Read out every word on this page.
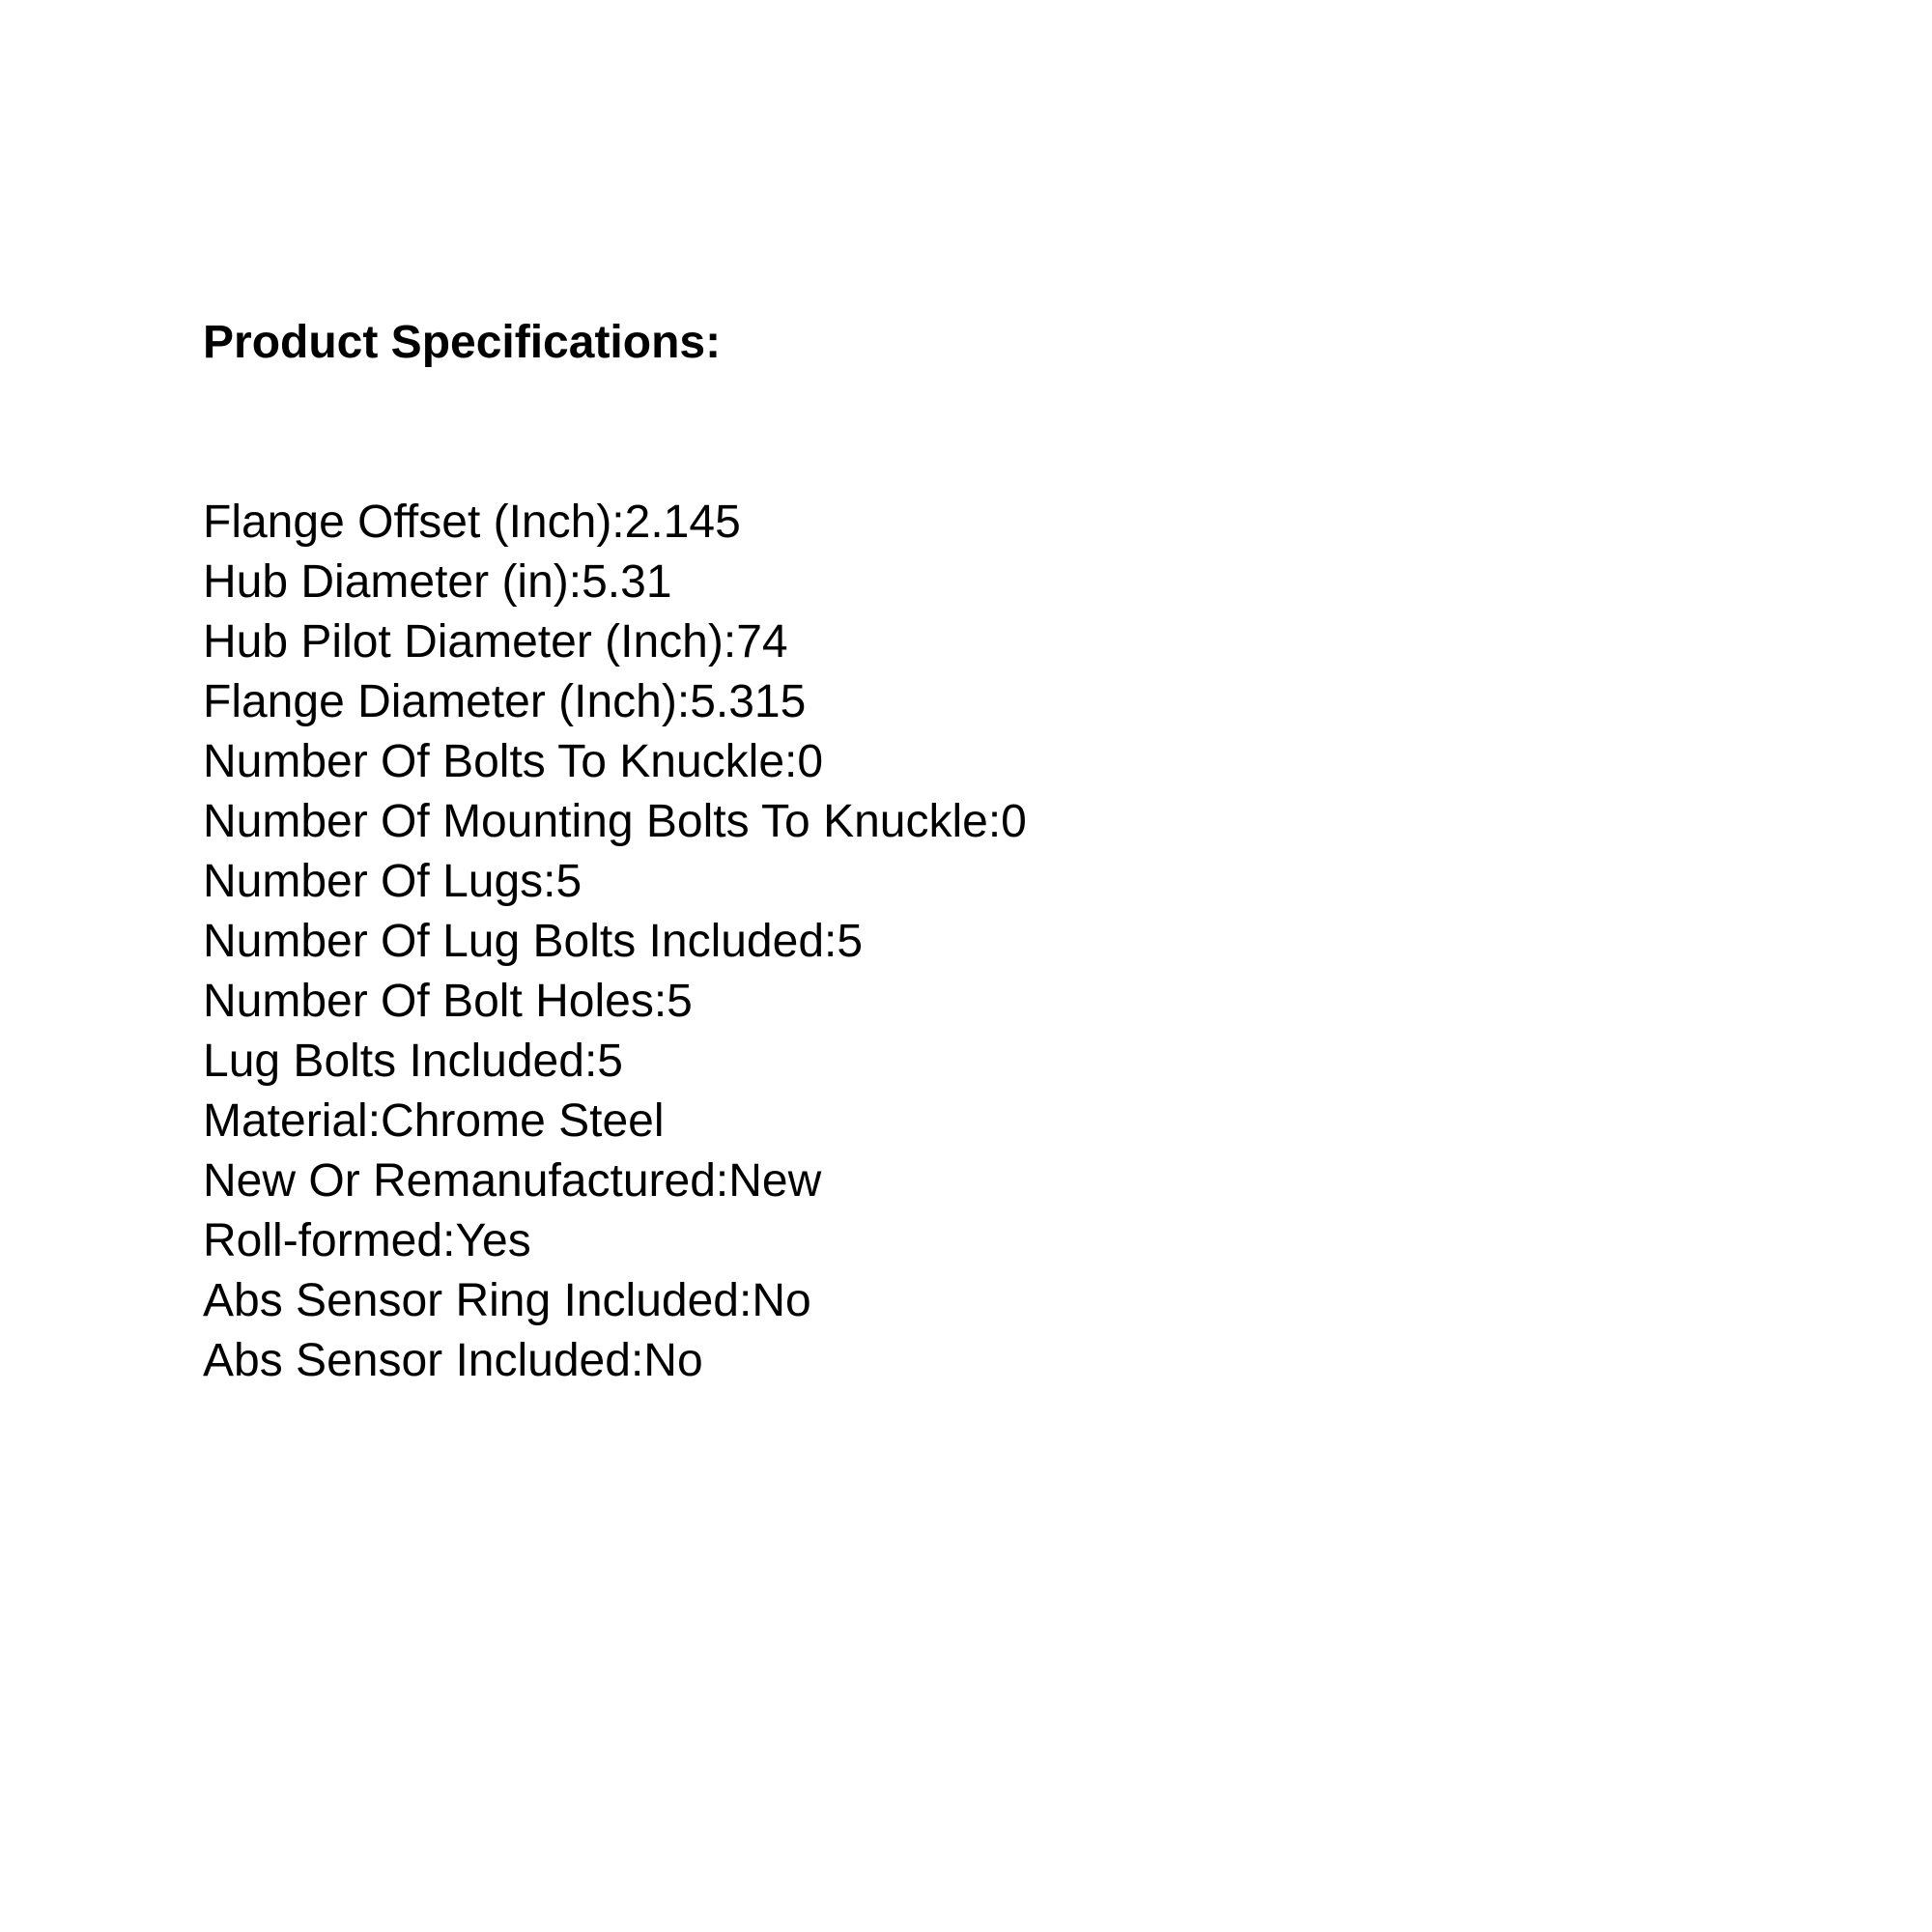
Product Specifications:

Flange Offset (Inch):2.145
Hub Diameter (in):5.31
Hub Pilot Diameter (Inch):74
Flange Diameter (Inch):5.315
Number Of Bolts To Knuckle:0
Number Of Mounting Bolts To Knuckle:0
Number Of Lugs:5
Number Of Lug Bolts Included:5
Number Of Bolt Holes:5
Lug Bolts Included:5
Material:Chrome Steel
New Or Remanufactured:New
Roll-formed:Yes
Abs Sensor Ring Included:No
Abs Sensor Included:No
